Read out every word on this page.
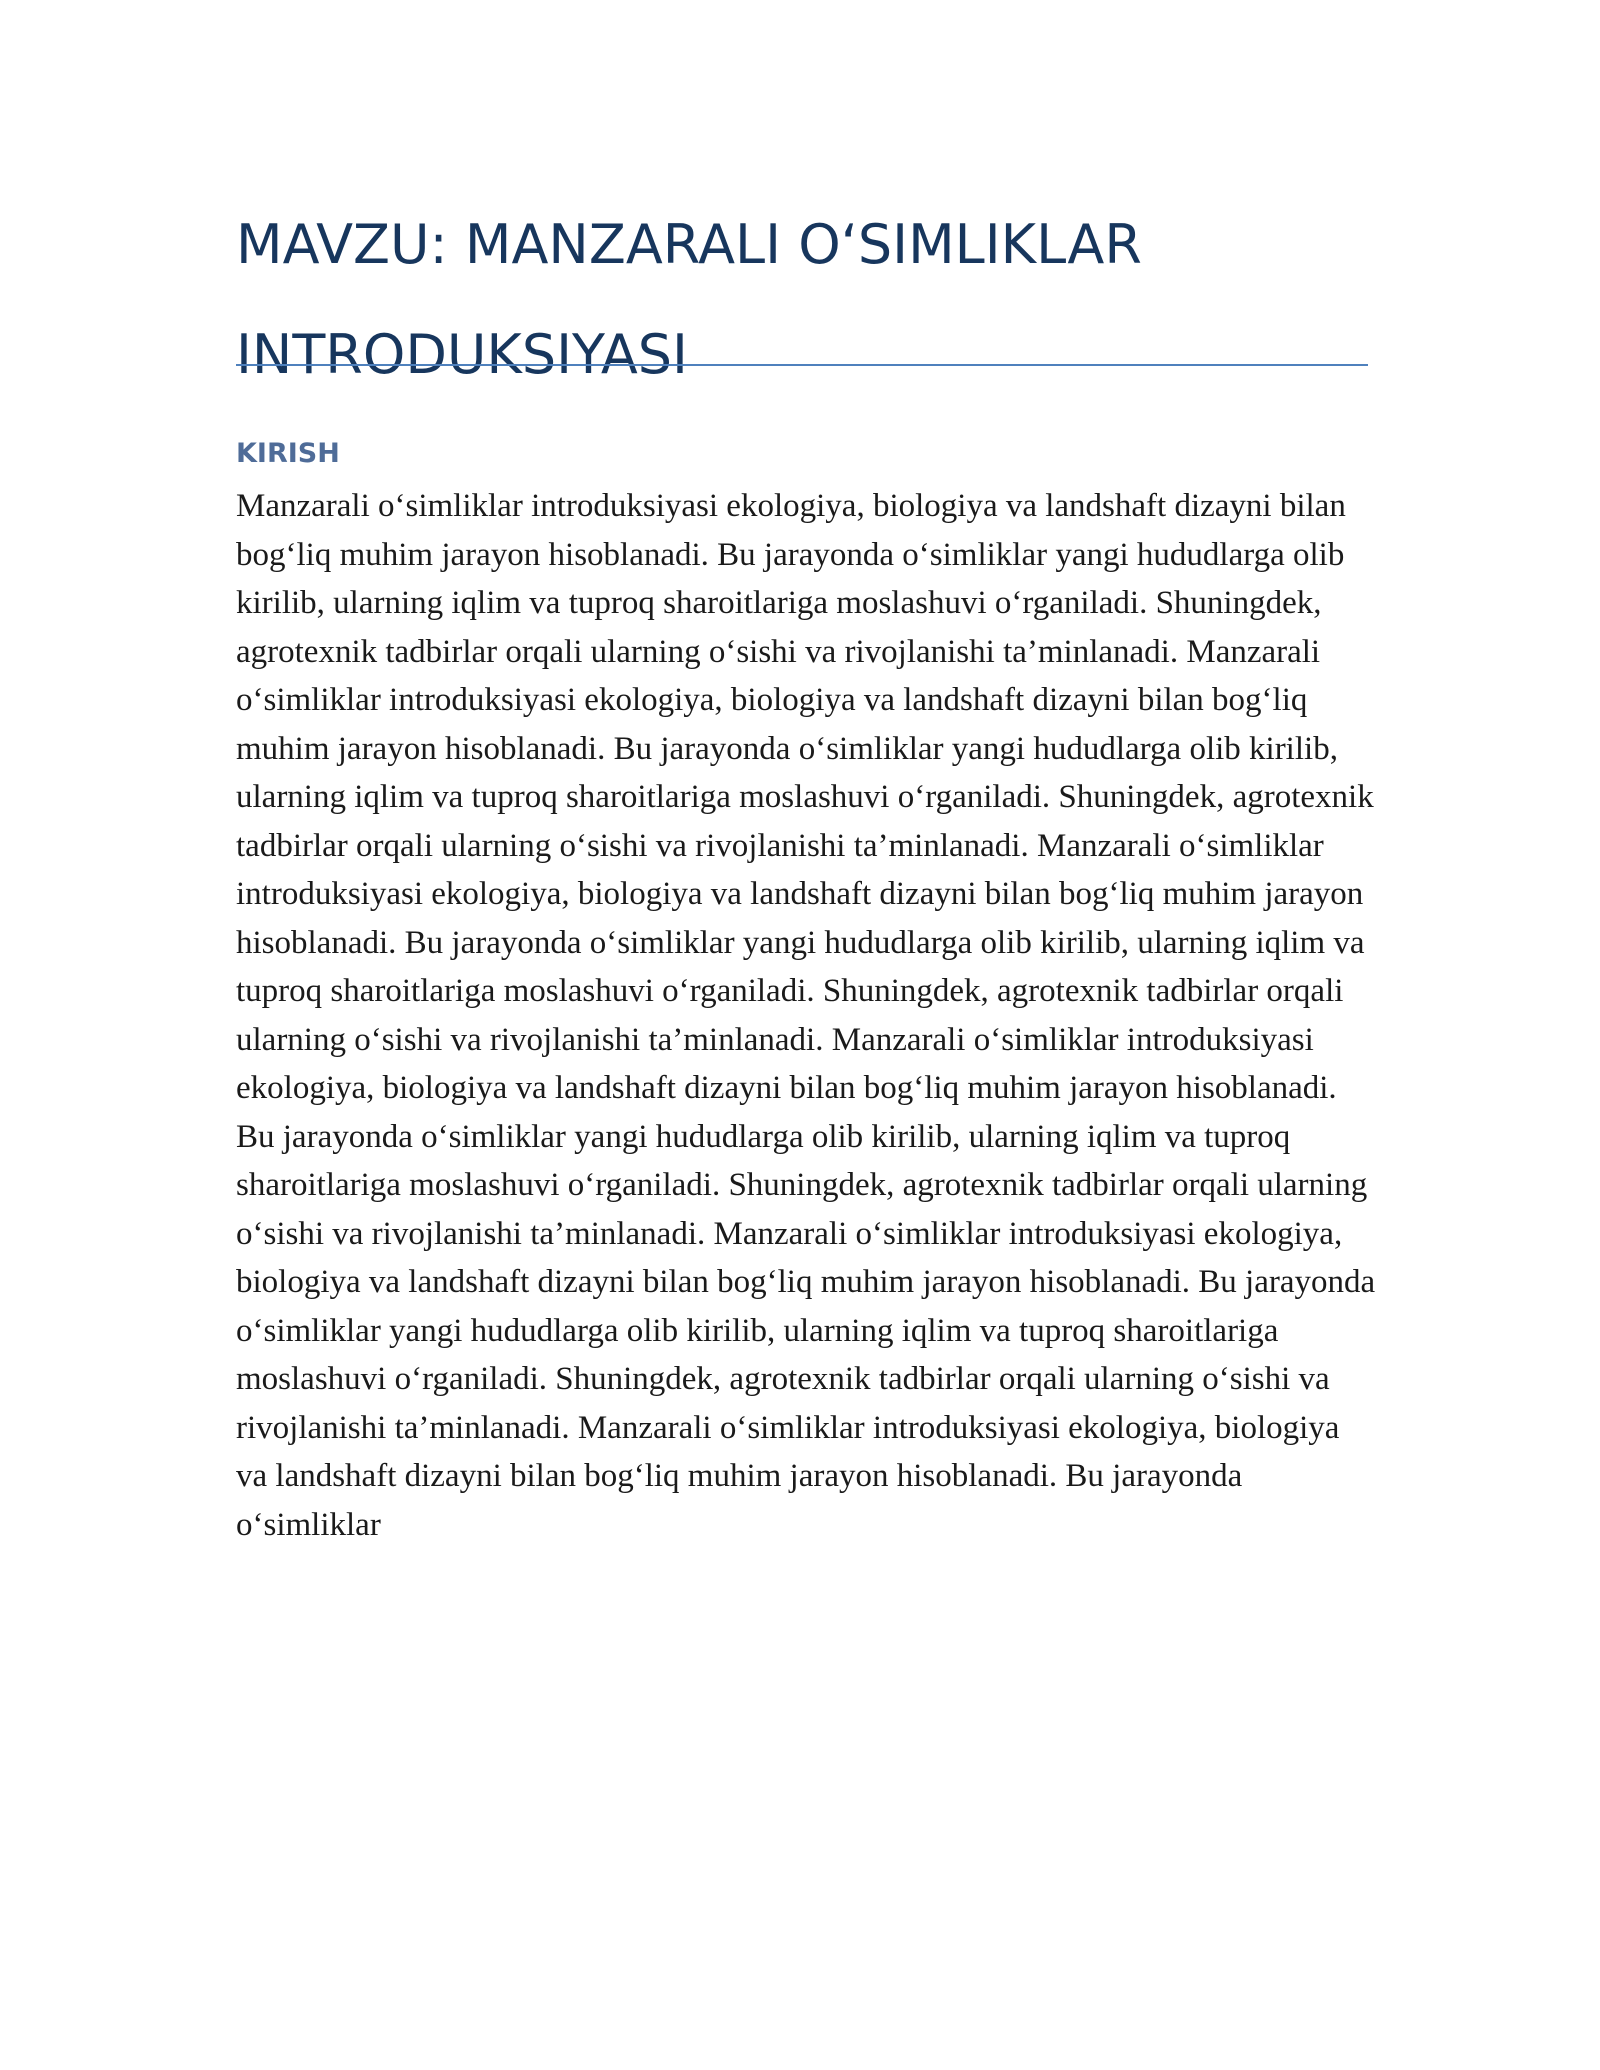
MAVZU: MANZARALI O‘SIMLIKLAR INTRODUKSIYASI
KIRISH

Manzarali o‘simliklar introduksiyasi ekologiya, biologiya va landshaft dizayni bilan bog‘liq muhim jarayon hisoblanadi. Bu jarayonda o‘simliklar yangi hududlarga olib kirilib, ularning iqlim va tuproq sharoitlariga moslashuvi o‘rganiladi. Shuningdek, agrotexnik tadbirlar orqali ularning o‘sishi va rivojlanishi ta’minlanadi. Manzarali o‘simliklar introduksiyasi ekologiya, biologiya va landshaft dizayni bilan bog‘liq muhim jarayon hisoblanadi. Bu jarayonda o‘simliklar yangi hududlarga olib kirilib, ularning iqlim va tuproq sharoitlariga moslashuvi o‘rganiladi. Shuningdek, agrotexnik tadbirlar orqali ularning o‘sishi va rivojlanishi ta’minlanadi. Manzarali o‘simliklar introduksiyasi ekologiya, biologiya va landshaft dizayni bilan bog‘liq muhim jarayon hisoblanadi. Bu jarayonda o‘simliklar yangi hududlarga olib kirilib, ularning iqlim va tuproq sharoitlariga moslashuvi o‘rganiladi. Shuningdek, agrotexnik tadbirlar orqali ularning o‘sishi va rivojlanishi ta’minlanadi. Manzarali o‘simliklar introduksiyasi ekologiya, biologiya va landshaft dizayni bilan bog‘liq muhim jarayon hisoblanadi. Bu jarayonda o‘simliklar yangi hududlarga olib kirilib, ularning iqlim va tuproq sharoitlariga moslashuvi o‘rganiladi. Shuningdek, agrotexnik tadbirlar orqali ularning o‘sishi va rivojlanishi ta’minlanadi. Manzarali o‘simliklar introduksiyasi ekologiya, biologiya va landshaft dizayni bilan bog‘liq muhim jarayon hisoblanadi. Bu jarayonda o‘simliklar yangi hududlarga olib kirilib, ularning iqlim va tuproq sharoitlariga moslashuvi o‘rganiladi. Shuningdek, agrotexnik tadbirlar orqali ularning o‘sishi va rivojlanishi ta’minlanadi. Manzarali o‘simliklar introduksiyasi ekologiya, biologiya va landshaft dizayni bilan bog‘liq muhim jarayon hisoblanadi. Bu jarayonda o‘simliklar
